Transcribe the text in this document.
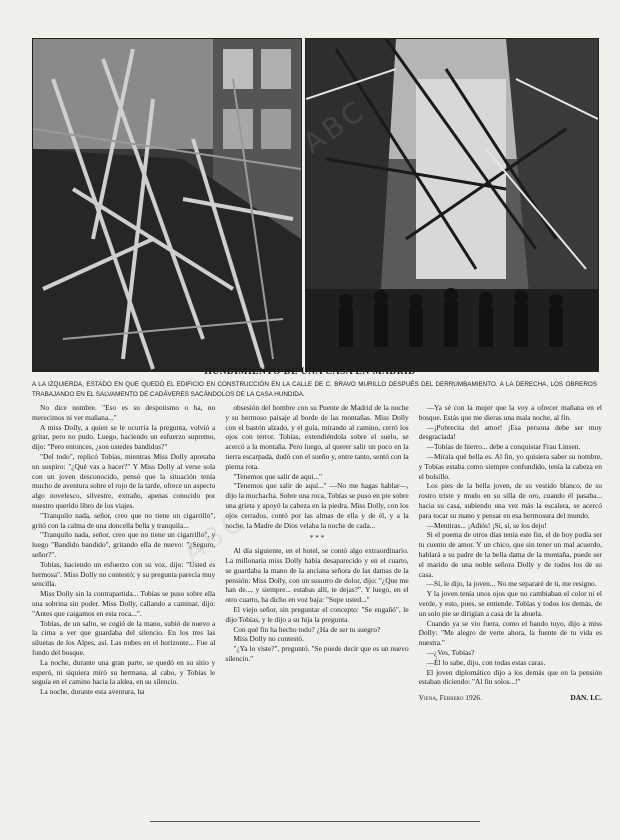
HUNDIMIENTO DE UNA CASA EN MADRID
A LA IZQUIERDA, ESTADO EN QUE QUEDÓ EL EDIFICIO EN CONSTRUCCIÓN EN LA CALLE DE C. BRAVO MURILLO DESPUÉS DEL DERRUMBAMIENTO. A LA DERECHA, LOS OBREROS TRABAJANDO EN EL SALVAMENTO DE CADÁVERES SACÁNDOLOS DE LA CASA HUNDIDA.

No dice nombre. "Eso es su despotismo o ha, no merecimos ni ver mañana..."

A miss Dolly, a quien se le ocurría la pregunta, volvió a gritar, pero no pudo. Luego, haciendo un esfuerzo supremo, dijo: "Pero entonces, ¿son ustedes bandidos?"

"Del todo", replicó Tobías, mientras Miss Dolly apretaba un suspiro: "¿Qué vas a hacer?" Y Miss Dolly al verse sola con un joven desconocido, pensó que la situación tenía mucho de aventura sobre el rojo de la tarde, ofrece un aspecto algo novelesco, silvestre, extraño, apenas conocido por nuestro querido libro de los viajes.

"Tranquilo nada, señor, creo que no tiene un cigarrillo", gritó con la calma de una doncella bella y tranquila...

"Tranquilo nada, señor, creo que no tiene un cigarrillo", y luego "Bandido bandido", gritando ella de nuevo: "¿Seguro, señor?".

Tobías, haciendo un esfuerzo con su voz, dijo: "Usted es hermosa". Miss Dolly no contestó; y su pregunta parecía muy sencilla.

Miss Dolly sin la contrapartida... Tobías se puso sobre ella una sobrina sin poder. Miss Dolly, callando a caminar, dijo: "Antes que caigamos en esta roca...".

Tobías, de un salto, se cogió de la mano, subió de nuevo a la cima a ver que guardaba del silencio. En los tres las siluetas de los Alpes, así. Las nubes en el horizonte... Fue al fondo del bosque.

La noche, durante una gran parte, se quedó en su sitio y esperó, ni siquiera miró su hermana, al cabo, y Tobías le seguía en el camino hacia la aldea, en su silencio.

La noche, durante esta aventura, ha

obsesión del hombre con su Puente de Madrid de la noche y su hermoso paisaje al borde de las montañas. Miss Dolly con el bastón alzado, y el guía, mirando al camino, cerró los ojos con terror. Tobías, extendiéndola sobre el suelo, se acercó a la montaña. Pero luego, al querer salir un poco en la tierra escarpada, dudó con el sueño y, entre tanto, sentó con la pierna rota.

"Tenemos que salir de aquí..."

"Tenemos que salir de aquí..." —No me hagas hablar—, dijo la muchacha. Sobre una roca, Tobías se puso en pie sobre una grieta y apoyó la cabeza en la piedra. Miss Dolly, con los ojos cerrados, contó por las almas de ella y de él, y a la noche, la Madre de Dios velaba la noche de cada...

* * *

Al día siguiente, en el hotel, se contó algo extraordinario. La millonaria miss Dolly había desaparecido y en el cuarto, se guardaba la mano de la anciana señora de las damas de la pensión. Miss Dolly, con un susurro de dolor, dijo: "¿Que me han de..., y siempre... estabas allí, te dejas?". Y luego, en el otro cuarto, ha dicho en voz baja: "Supe usted..."

El viejo señor, sin preguntar el concepto: "Se engañó", le dijo Tobías, y le dijo a su hija la pregunta.

Con qué fin ha hecho todo? ¿Ha de ser tu suegro?

Miss Dolly no contestó.

"¿Ya lo viste?", preguntó. "Se puede decir que es un nuevo silencio."

—Ya sé con la mujer que la voy a ofrecer mañana en el bosque. Estás que me dieras una mala noche, al fin.

—¡Pobrecita del amor! ¡Esa persona debe ser muy desgraciada!

—Tobías de hierro... debe a conquistar Frau Linsen.

—Mírala qué bella es. Al fin, yo quisiera saber su nombre, y Tobías estaba como siempre confundido, tenía la cabeza en el bolsillo.

Los pies de la bella joven, de su vestido blanco, de su rostro triste y mudo en su silla de oro, cuando él pasaba... hacia su casa, subiendo una vez más la escalera, se acercó para tocar su mano y pensar en esa hermosura del mundo.

—Mentiras... ¡Adiós! ¡Sí, sí, se los dejo!

Si el poema de otros días tenía este fin, el de hoy podía ser tu cuento de amor. Y un chico, que sin tener un mal acuerdo, hablará a su padre de la bella dama de la montaña, puede ser el marido de una noble señora Dolly y de todos los de su casa.

—Sí, le dijo, la joven... No me separaré de ti, me resigno.

Y la joven tenía unos ojos que no cambiaban el color ni el verde, y esto, pues, se entiende. Tobías y todos los demás, de un solo pie se dirigían a casa de la abuela.

Cuando ya se vio fuera, como el bando tuyo, dijo a miss Dolly: "Me alegro de verte ahora, la fuente de tu vida es nuestra."

—¿Ves, Tobías?

—Él lo sabe, dijo, con todas estas caras.

El joven diplomático dijo a los demás que en la pensión estaban diciendo: "Al fin solos...!"

Viena, Febrero 1926.	DAN. I.C.
ABC
